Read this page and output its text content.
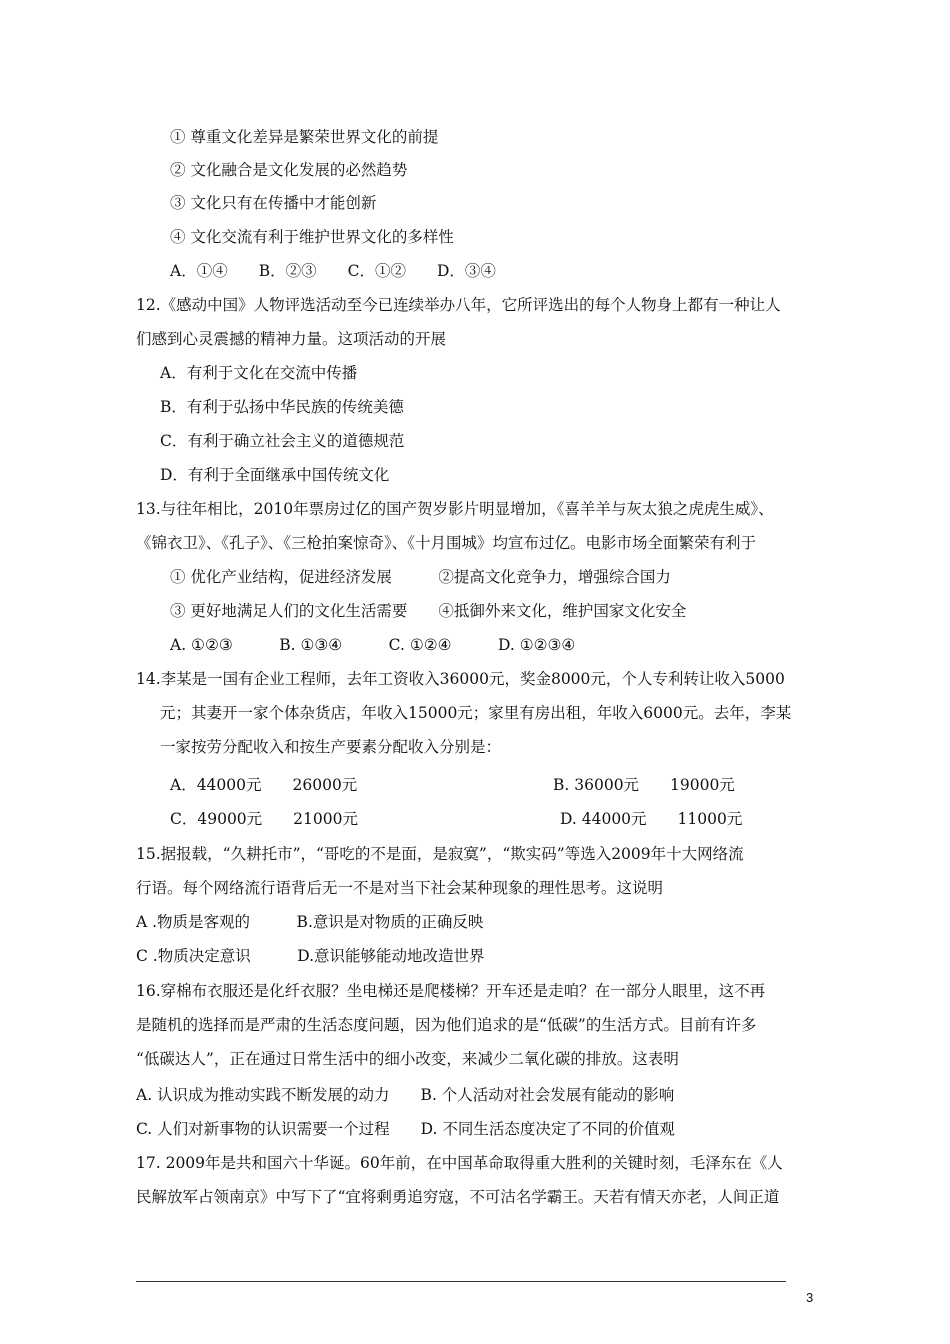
① 尊重文化差异是繁荣世界文化的前提
② 文化融合是文化发展的必然趋势
③ 文化只有在传播中才能创新
④ 文化交流有利于维护世界文化的多样性
A．①④　　B．②③　　C．①②　　D．③④
12.《感动中国》人物评选活动至今已连续举办八年，它所评选出的每个人物身上都有一种让人
们感到心灵震撼的精神力量。这项活动的开展
A．有利于文化在交流中传播
B．有利于弘扬中华民族的传统美德
C．有利于确立社会主义的道德规范
D．有利于全面继承中国传统文化
13.与往年相比，2010年票房过亿的国产贺岁影片明显增加，《喜羊羊与灰太狼之虎虎生威》、
《锦衣卫》、《孔子》、《三枪拍案惊奇》、《十月围城》均宣布过亿。电影市场全面繁荣有利于
① 优化产业结构，促进经济发展　　　②提高文化竞争力，增强综合国力
③ 更好地满足人们的文化生活需要　　④抵御外来文化，维护国家文化安全
A. ①②③　　　B. ①③④　　　C. ①②④　　　D. ①②③④
14.李某是一国有企业工程师，去年工资收入36000元，奖金8000元，个人专利转让收入5000
元；其妻开一家个体杂货店，年收入15000元；家里有房出租，年收入6000元。去年，李某
一家按劳分配收入和按生产要素分配收入分别是：
A．44000元　　26000元	B. 36000元　　19000元
C．49000元　　21000元	D. 44000元　　11000元
15.据报载，“久耕托市”，“哥吃的不是面，是寂寞”，“欺实码”等选入2009年十大网络流
行语。每个网络流行语背后无一不是对当下社会某种现象的理性思考。这说明
A .物质是客观的　　　B.意识是对物质的正确反映
C .物质决定意识　　　D.意识能够能动地改造世界
16.穿棉布衣服还是化纤衣服？坐电梯还是爬楼梯？开车还是走咱？在一部分人眼里，这不再
是随机的选择而是严肃的生活态度问题，因为他们追求的是“低碳”的生活方式。目前有许多
“低碳达人”，正在通过日常生活中的细小改变，来减少二氧化碳的排放。这表明
A. 认识成为推动实践不断发展的动力　　B. 个人活动对社会发展有能动的影响
C. 人们对新事物的认识需要一个过程　　D. 不同生活态度决定了不同的价值观
17. 2009年是共和国六十华诞。60年前，在中国革命取得重大胜利的关键时刻，毛泽东在《人
民解放军占领南京》中写下了“宜将剩勇追穷寇，不可沽名学霸王。天若有情天亦老，人间正道
3
